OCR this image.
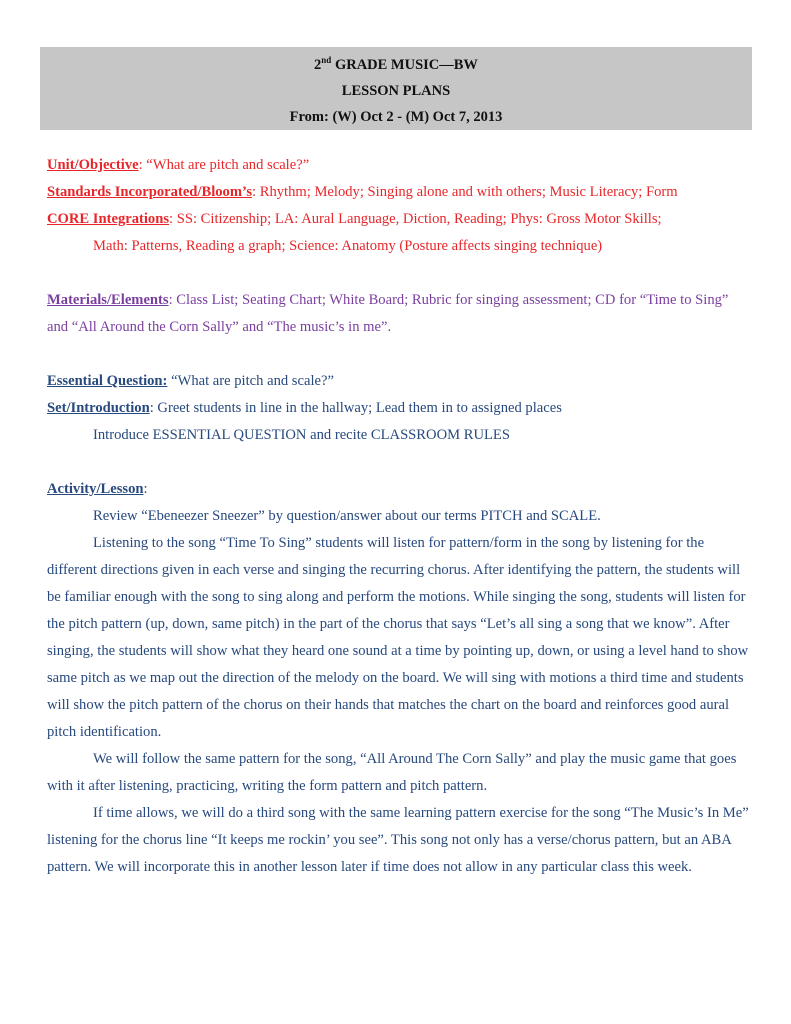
2nd GRADE MUSIC—BW
LESSON PLANS
From: (W) Oct 2 - (M) Oct 7, 2013

Unit/Objective: “What are pitch and scale?”

Standards Incorporated/Bloom’s: Rhythm; Melody; Singing alone and with others; Music Literacy; Form

CORE Integrations: SS: Citizenship; LA: Aural Language, Diction, Reading; Phys: Gross Motor Skills;

Math: Patterns, Reading a graph; Science: Anatomy (Posture affects singing technique)

Materials/Elements: Class List; Seating Chart; White Board; Rubric for singing assessment; CD for “Time to Sing” and “All Around the Corn Sally” and “The music’s in me”.

Essential Question: “What are pitch and scale?”

Set/Introduction: Greet students in line in the hallway; Lead them in to assigned places

Introduce ESSENTIAL QUESTION and recite CLASSROOM RULES

Activity/Lesson:

Review “Ebeneezer Sneezer” by question/answer about our terms PITCH and SCALE.

Listening to the song “Time To Sing” students will listen for pattern/form in the song by listening for the different directions given in each verse and singing the recurring chorus. After identifying the pattern, the students will be familiar enough with the song to sing along and perform the motions. While singing the song, students will listen for the pitch pattern (up, down, same pitch) in the part of the chorus that says “Let’s all sing a song that we know”. After singing, the students will show what they heard one sound at a time by pointing up, down, or using a level hand to show same pitch as we map out the direction of the melody on the board. We will sing with motions a third time and students will show the pitch pattern of the chorus on their hands that matches the chart on the board and reinforces good aural pitch identification.

We will follow the same pattern for the song, “All Around The Corn Sally” and play the music game that goes with it after listening, practicing, writing the form pattern and pitch pattern.

If time allows, we will do a third song with the same learning pattern exercise for the song “The Music’s In Me” listening for the chorus line “It keeps me rockin’ you see”. This song not only has a verse/chorus pattern, but an ABA pattern. We will incorporate this in another lesson later if time does not allow in any particular class this week.
